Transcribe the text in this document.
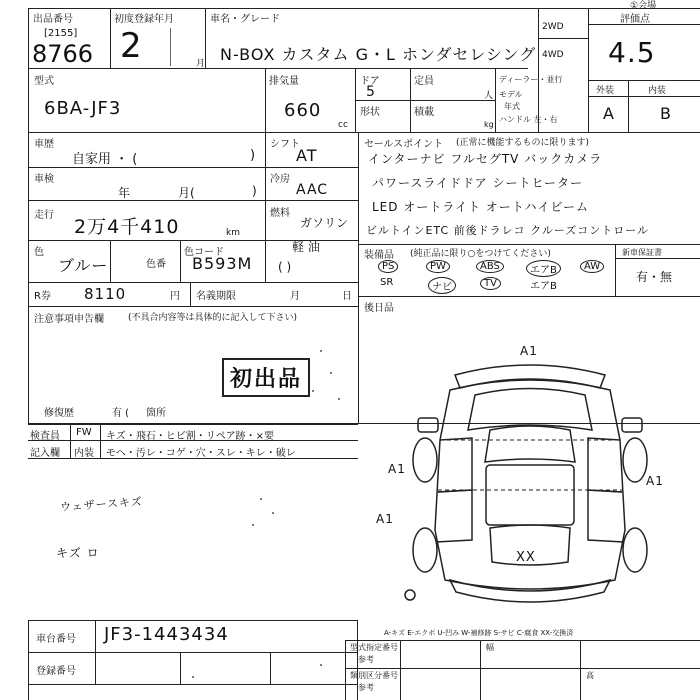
①会場
出品番号
[2155]
8766
初度登録年月
2	月
車名・グレード
N-BOX カスタム G・L ホンダセレシング
2WD
4WD
評価点
4.5
外装	内装
A	B
型式
6BA-JF3
排気量
660
cc
ドア
5
形状
定員
人
積載
kg
ディーラー・並行
モデル
年式
ハンドル 左・右
車歴
自家用 ・ (	)
シフト
AT
車検
年	月(	)
冷房
AAC
走行
2万4千410	km
燃料
ガソリン
軽 油
( )
色
ブルー	色番
色コード
B593M
R券 8110	円 名義期限	月	日
注意事項申告欄	(不具合内容等は具体的に記入して下さい)
初出品
修復歴	有 ( 箇所
セールスポイント (正常に機能するものに限ります)
インターナビ フルセグTV バックカメラ
パワースライドドア シートヒーター
LED オートライト オートハイビーム
ビルトインETC 前後ドラレコ クルーズコントロール
装備品 (純正品に限り○をつけてください)	新車保証書
有・無
PS	PW	ABS	エアB	AW
SR	ナビ	TV	エアB
後日品
検査員
記入欄
FW キズ・飛石・ヒビ割・リペア跡・×要
内装 モヘ・汚レ・コゲ・穴・スレ・キレ・破レ
ウェザースキズ
キズ ロ
A1
A1
A1
A1
XX
車台番号 JF3-1443434
登録番号
A-キズ E-エクボ U-凹み W-補修跡 S-サビ C-腐食 XX-交換済
型式指定番号
参考
類別区分番号
参考
幅
高
